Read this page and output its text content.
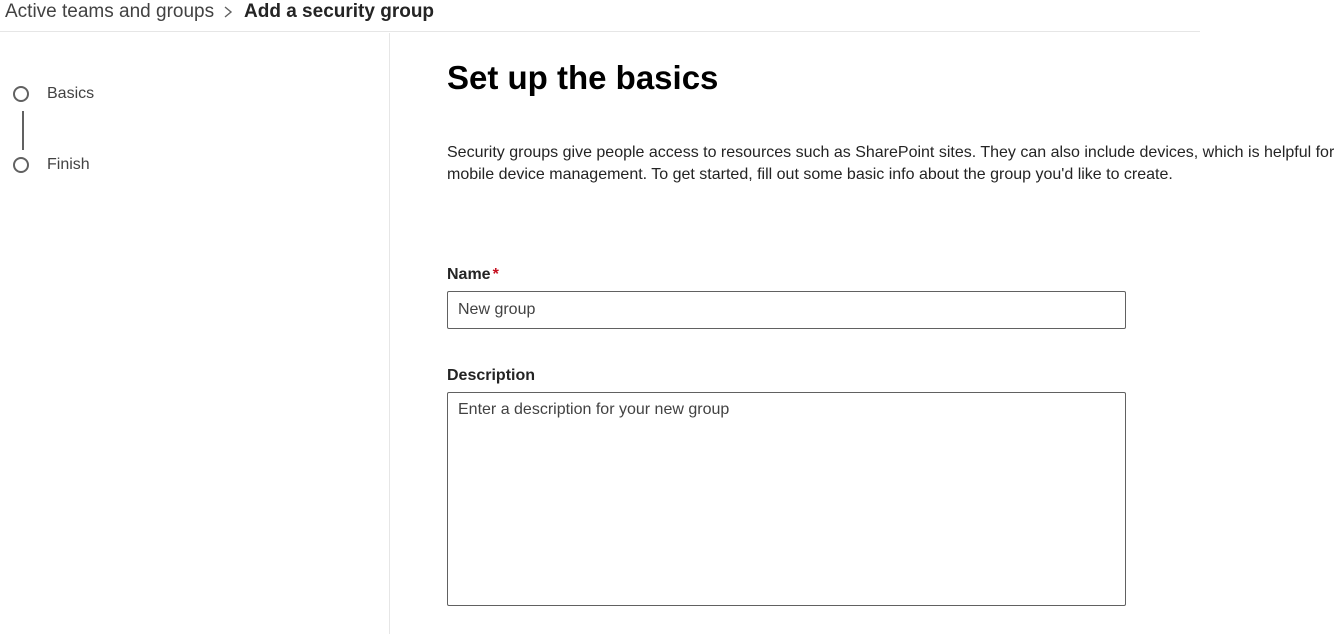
Active teams and groups Add a security group
Basics
Finish
Set up the basics
Security groups give people access to resources such as SharePoint sites. They can also include devices, which is helpful for
mobile device management. To get started, fill out some basic info about the group you'd like to create.
Name *
New group
Description
Enter a description for your new group
